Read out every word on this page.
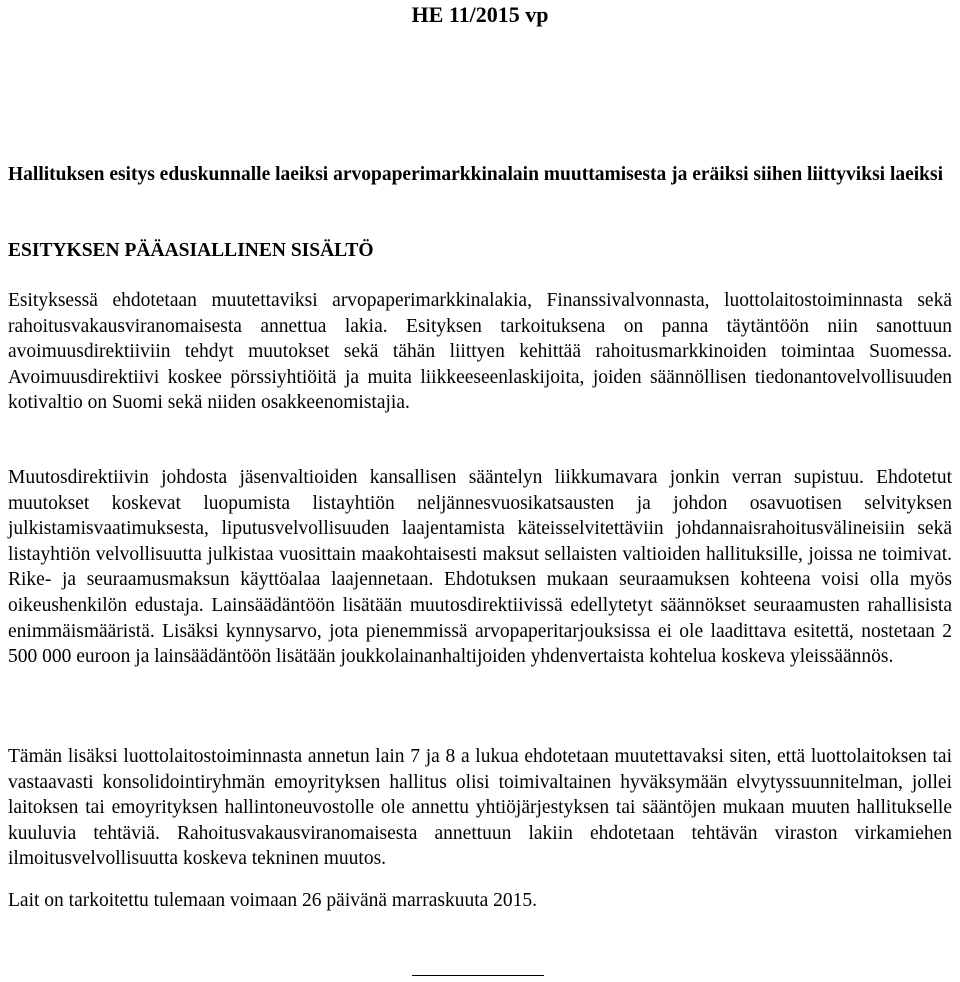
HE 11/2015 vp
Hallituksen esitys eduskunnalle laeiksi arvopaperimarkkinalain muuttamisesta ja eräiksi siihen liittyviksi laeiksi
ESITYKSEN PÄÄASIALLINEN SISÄLTÖ

Esityksessä ehdotetaan muutettaviksi arvopaperimarkkinalakia, Finanssivalvonnasta, luottolaitostoiminnasta sekä rahoitusvakausviranomaisesta annettua lakia. Esityksen tarkoituksena on panna täytäntöön niin sanottuun avoimuusdirektiiviin tehdyt muutokset sekä tähän liittyen kehittää rahoitusmarkkinoiden toimintaa Suomessa. Avoimuusdirektiivi koskee pörssiyhtiöitä ja muita liikkeeseenlaskijoita, joiden säännöllisen tiedonantovelvollisuuden kotivaltio on Suomi sekä niiden osakkeenomistajia.

Muutosdirektiivin johdosta jäsenvaltioiden kansallisen sääntelyn liikkumavara jonkin verran supistuu. Ehdotetut muutokset koskevat luopumista listayhtiön neljännesvuosikatsausten ja johdon osavuotisen selvityksen julkistamisvaatimuksesta, liputusvelvollisuuden laajentamista käteisselvitettäviin johdannaisrahoitusvälineisiin sekä listayhtiön velvollisuutta julkistaa vuosittain maakohtaisesti maksut sellaisten valtioiden hallituksille, joissa ne toimivat. Rike- ja seuraamusmaksun käyttöalaa laajennetaan. Ehdotuksen mukaan seuraamuksen kohteena voisi olla myös oikeushenkilön edustaja. Lainsäädäntöön lisätään muutosdirektiivissä edellytetyt säännökset seuraamusten rahallisista enimmäismääristä. Lisäksi kynnysarvo, jota pienemmissä arvopaperitarjouksissa ei ole laadittava esitettä, nostetaan 2 500 000 euroon ja lainsäädäntöön lisätään joukkolainanhaltijoiden yhdenvertaista kohtelua koskeva yleissäännös.

Tämän lisäksi luottolaitostoiminnasta annetun lain 7 ja 8 a lukua ehdotetaan muutettavaksi siten, että luottolaitoksen tai vastaavasti konsolidointiryhmän emoyrityksen hallitus olisi toimivaltainen hyväksymään elvytyssuunnitelman, jollei laitoksen tai emoyrityksen hallintoneuvostolle ole annettu yhtiöjärjestyksen tai sääntöjen mukaan muuten hallitukselle kuuluvia tehtäviä. Rahoitusvakausviranomaisesta annettuun lakiin ehdotetaan tehtävän viraston virkamiehen ilmoitusvelvollisuutta koskeva tekninen muutos.

Lait on tarkoitettu tulemaan voimaan 26 päivänä marraskuuta 2015.
